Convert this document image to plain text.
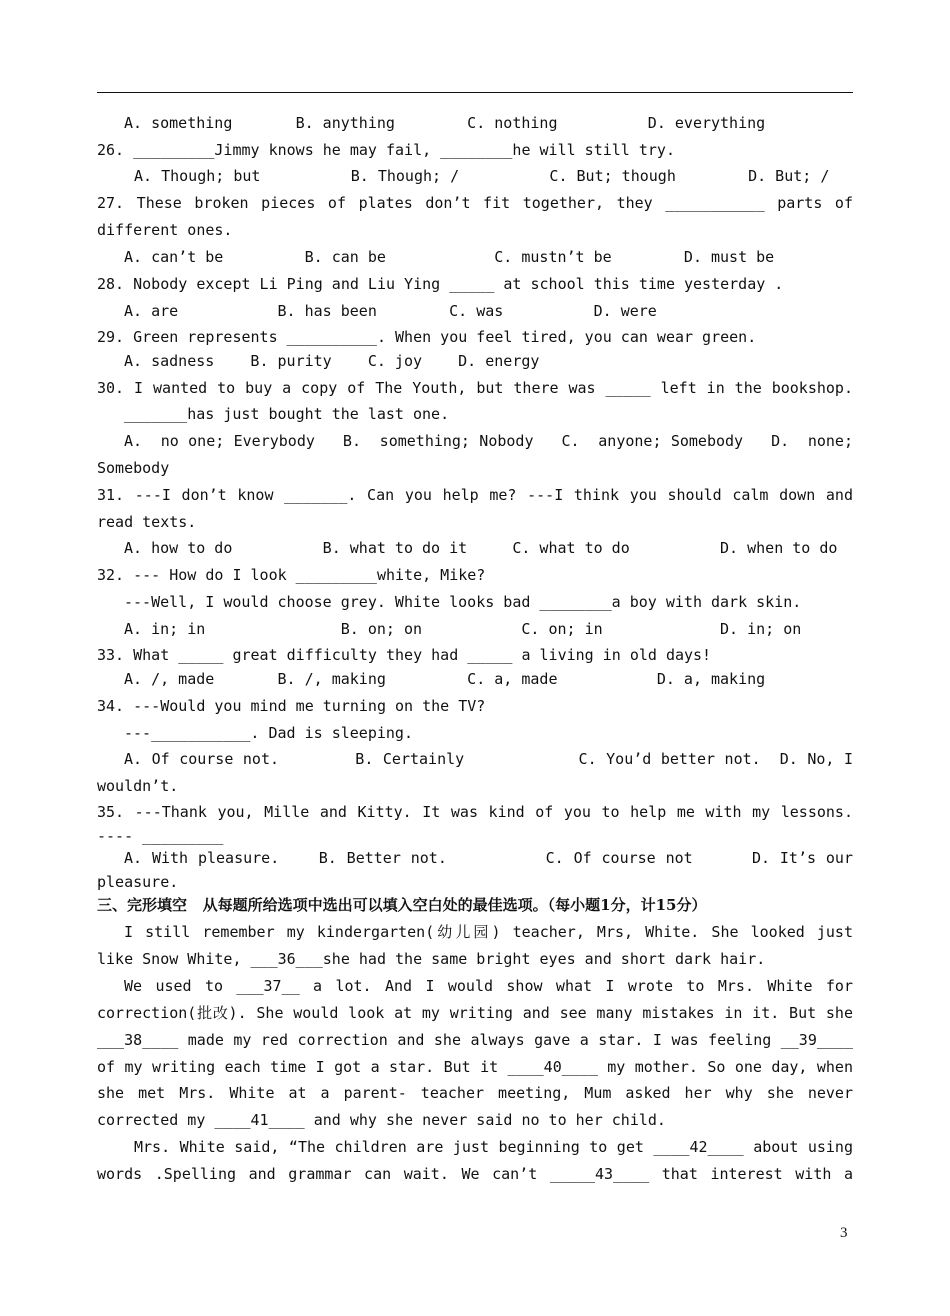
A. something       B. anything        C. nothing          D. everything
26. _________Jimmy knows he may fail, ________he will still try.
A. Though; but          B. Though; /          C. But; though        D. But; /
27. These broken pieces of plates don’t fit together, they ___________ parts of
different ones.
A. can’t be         B. can be            C. mustn’t be        D. must be
28. Nobody except Li Ping and Liu Ying _____ at school this time yesterday .
A. are           B. has been        C. was          D. were
29. Green represents __________. When you feel tired, you can wear green.
A. sadness    B. purity    C. joy    D. energy
30. I wanted to buy a copy of The Youth, but there was _____ left in the bookshop.
_______has just bought the last one.
A.  no one; Everybody   B.  something; Nobody   C.  anyone; Somebody   D.  none;
Somebody
31. ---I don’t know _______. Can you help me? ---I think you should calm down and
read texts.
A. how to do          B. what to do it     C. what to do          D. when to do
32. --- How do I look _________white, Mike?
---Well, I would choose grey. White looks bad ________a boy with dark skin.
A. in; in               B. on; on           C. on; in             D. in; on
33. What _____ great difficulty they had _____ a living in old days!
A. /, made       B. /, making         C. a, made           D. a, making
34. ---Would you mind me turning on the TV?
---___________. Dad is sleeping.
A. Of course not.        B. Certainly            C. You’d better not.  D. No, I
wouldn’t.
35. ---Thank you, Mille and Kitty. It was kind of you to help me with my lessons.
---- _________
A. With pleasure.    B. Better not.          C. Of course not      D. It’s our
pleasure.
I still remember my kindergarten(幼儿园) teacher, Mrs, White. She looked just
like Snow White, ___36___she had the same bright eyes and short dark hair.
We used to ___37__ a lot. And I would show what I wrote to Mrs. White for
correction(批改). She would look at my writing and see many mistakes in it. But she
___38____ made my red correction and she always gave a star. I was feeling __39____
of my writing each time I got a star. But it ____40____ my mother. So one day, when
she met Mrs. White at a parent- teacher meeting, Mum asked her why she never
corrected my ____41____ and why she never said no to her child.
Mrs. White said, “The children are just beginning to get ____42____ about using
words .Spelling and grammar can wait. We can’t _____43____ that interest with a
三、完形填空   从每题所给选项中选出可以填入空白处的最佳选项。（每小题1分，计15分）
3
